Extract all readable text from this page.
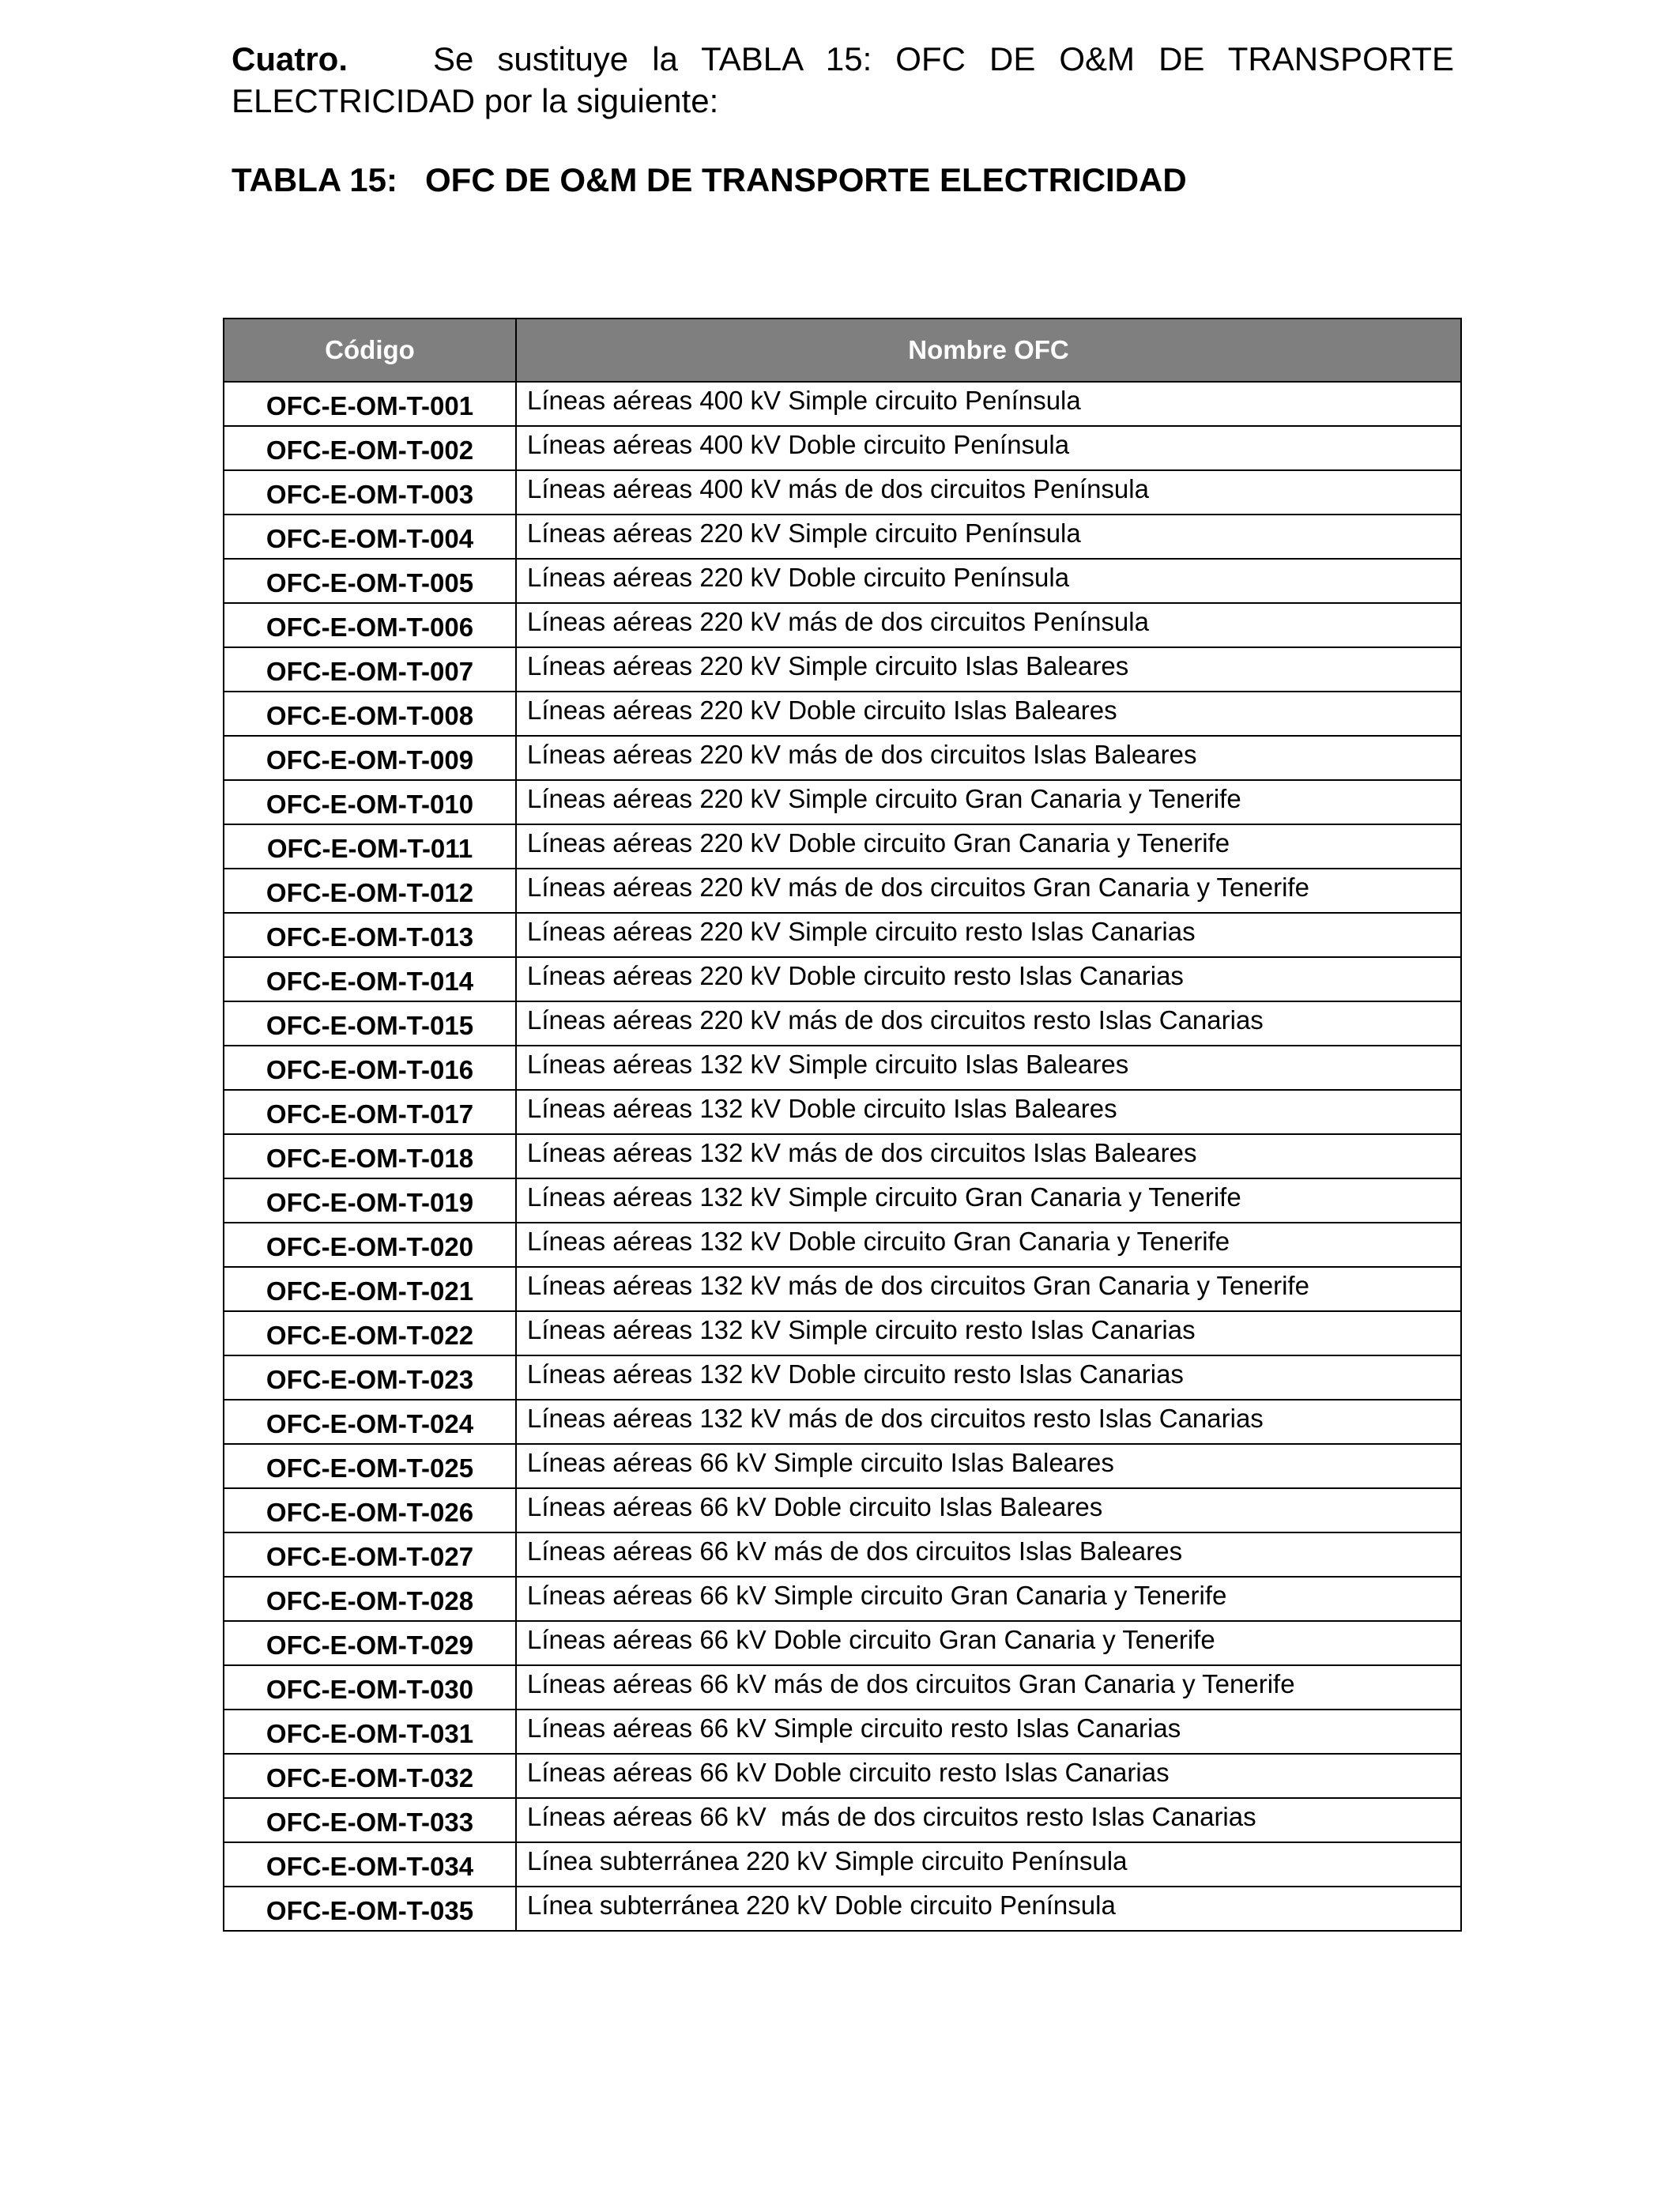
Cuatro.	Se sustituye la TABLA 15: OFC DE O&M DE TRANSPORTE
ELECTRICIDAD por la siguiente:
TABLA 15: OFC DE O&M DE TRANSPORTE ELECTRICIDAD
Código	Nombre OFC
OFC-E-OM-T-001	Líneas aéreas 400 kV Simple circuito Península
OFC-E-OM-T-002	Líneas aéreas 400 kV Doble circuito Península
OFC-E-OM-T-003	Líneas aéreas 400 kV más de dos circuitos Península
OFC-E-OM-T-004	Líneas aéreas 220 kV Simple circuito Península
OFC-E-OM-T-005	Líneas aéreas 220 kV Doble circuito Península
OFC-E-OM-T-006	Líneas aéreas 220 kV más de dos circuitos Península
OFC-E-OM-T-007	Líneas aéreas 220 kV Simple circuito Islas Baleares
OFC-E-OM-T-008	Líneas aéreas 220 kV Doble circuito Islas Baleares
OFC-E-OM-T-009	Líneas aéreas 220 kV más de dos circuitos Islas Baleares
OFC-E-OM-T-010	Líneas aéreas 220 kV Simple circuito Gran Canaria y Tenerife
OFC-E-OM-T-011	Líneas aéreas 220 kV Doble circuito Gran Canaria y Tenerife
OFC-E-OM-T-012	Líneas aéreas 220 kV más de dos circuitos Gran Canaria y Tenerife
OFC-E-OM-T-013	Líneas aéreas 220 kV Simple circuito resto Islas Canarias
OFC-E-OM-T-014	Líneas aéreas 220 kV Doble circuito resto Islas Canarias
OFC-E-OM-T-015	Líneas aéreas 220 kV más de dos circuitos resto Islas Canarias
OFC-E-OM-T-016	Líneas aéreas 132 kV Simple circuito Islas Baleares
OFC-E-OM-T-017	Líneas aéreas 132 kV Doble circuito Islas Baleares
OFC-E-OM-T-018	Líneas aéreas 132 kV más de dos circuitos Islas Baleares
OFC-E-OM-T-019	Líneas aéreas 132 kV Simple circuito Gran Canaria y Tenerife
OFC-E-OM-T-020	Líneas aéreas 132 kV Doble circuito Gran Canaria y Tenerife
OFC-E-OM-T-021	Líneas aéreas 132 kV más de dos circuitos Gran Canaria y Tenerife
OFC-E-OM-T-022	Líneas aéreas 132 kV Simple circuito resto Islas Canarias
OFC-E-OM-T-023	Líneas aéreas 132 kV Doble circuito resto Islas Canarias
OFC-E-OM-T-024	Líneas aéreas 132 kV más de dos circuitos resto Islas Canarias
OFC-E-OM-T-025	Líneas aéreas 66 kV Simple circuito Islas Baleares
OFC-E-OM-T-026	Líneas aéreas 66 kV Doble circuito Islas Baleares
OFC-E-OM-T-027	Líneas aéreas 66 kV más de dos circuitos Islas Baleares
OFC-E-OM-T-028	Líneas aéreas 66 kV Simple circuito Gran Canaria y Tenerife
OFC-E-OM-T-029	Líneas aéreas 66 kV Doble circuito Gran Canaria y Tenerife
OFC-E-OM-T-030	Líneas aéreas 66 kV más de dos circuitos Gran Canaria y Tenerife
OFC-E-OM-T-031	Líneas aéreas 66 kV Simple circuito resto Islas Canarias
OFC-E-OM-T-032	Líneas aéreas 66 kV Doble circuito resto Islas Canarias
OFC-E-OM-T-033	Líneas aéreas 66 kV  más de dos circuitos resto Islas Canarias
OFC-E-OM-T-034	Línea subterránea 220 kV Simple circuito Península
OFC-E-OM-T-035	Línea subterránea 220 kV Doble circuito Península
